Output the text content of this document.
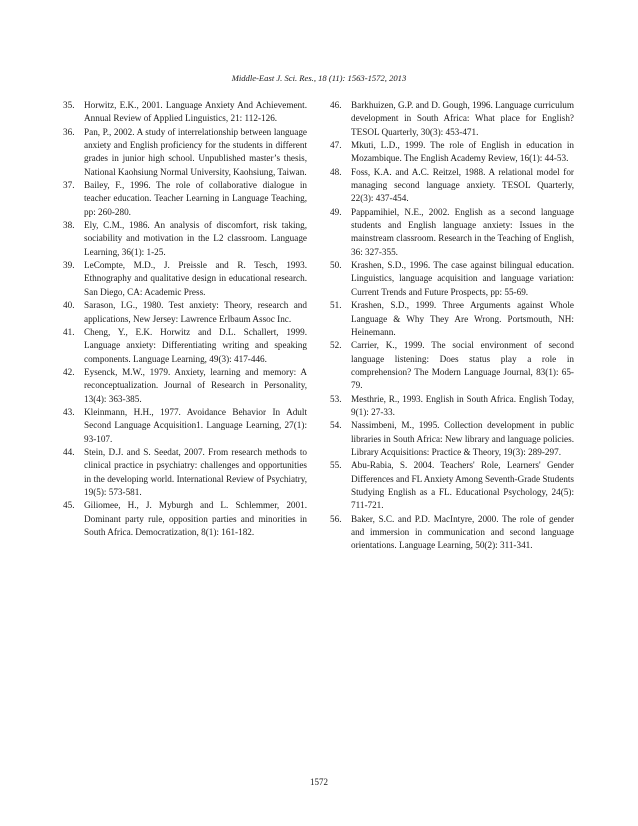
Middle-East J. Sci. Res., 18 (11): 1563-1572, 2013

35. Horwitz, E.K., 2001. Language Anxiety And Achievement. Annual Review of Applied Linguistics, 21: 112-126.

36. Pan, P., 2002. A study of interrelationship between language anxiety and English proficiency for the students in different grades in junior high school. Unpublished master’s thesis, National Kaohsiung Normal University, Kaohsiung, Taiwan.

37. Bailey, F., 1996. The role of collaborative dialogue in teacher education. Teacher Learning in Language Teaching, pp: 260-280.

38. Ely, C.M., 1986. An analysis of discomfort, risk taking, sociability and motivation in the L2 classroom. Language Learning, 36(1): 1-25.

39. LeCompte, M.D., J. Preissle and R. Tesch, 1993. Ethnography and qualitative design in educational research. San Diego, CA: Academic Press.

40. Sarason, I.G., 1980. Test anxiety: Theory, research and applications, New Jersey: Lawrence Erlbaum Assoc Inc.

41. Cheng, Y., E.K. Horwitz and D.L. Schallert, 1999. Language anxiety: Differentiating writing and speaking components. Language Learning, 49(3): 417-446.

42. Eysenck, M.W., 1979. Anxiety, learning and memory: A reconceptualization. Journal of Research in Personality, 13(4): 363-385.

43. Kleinmann, H.H., 1977. Avoidance Behavior In Adult Second Language Acquisition1. Language Learning, 27(1): 93-107.

44. Stein, D.J. and S. Seedat, 2007. From research methods to clinical practice in psychiatry: challenges and opportunities in the developing world. International Review of Psychiatry, 19(5): 573-581.

45. Giliomee, H., J. Myburgh and L. Schlemmer, 2001. Dominant party rule, opposition parties and minorities in South Africa. Democratization, 8(1): 161-182.

46. Barkhuizen, G.P. and D. Gough, 1996. Language curriculum development in South Africa: What place for English? TESOL Quarterly, 30(3): 453-471.

47. Mkuti, L.D., 1999. The role of English in education in Mozambique. The English Academy Review, 16(1): 44-53.

48. Foss, K.A. and A.C. Reitzel, 1988. A relational model for managing second language anxiety. TESOL Quarterly, 22(3): 437-454.

49. Pappamihiel, N.E., 2002. English as a second language students and English language anxiety: Issues in the mainstream classroom. Research in the Teaching of English, 36: 327-355.

50. Krashen, S.D., 1996. The case against bilingual education. Linguistics, language acquisition and language variation: Current Trends and Future Prospects, pp: 55-69.

51. Krashen, S.D., 1999. Three Arguments against Whole Language & Why They Are Wrong. Portsmouth, NH: Heinemann.

52. Carrier, K., 1999. The social environment of second language listening: Does status play a role in comprehension? The Modern Language Journal, 83(1): 65-79.

53. Mesthrie, R., 1993. English in South Africa. English Today, 9(1): 27-33.

54. Nassimbeni, M., 1995. Collection development in public libraries in South Africa: New library and language policies. Library Acquisitions: Practice & Theory, 19(3): 289-297.

55. Abu-Rabia, S. 2004. Teachers' Role, Learners' Gender Differences and FL Anxiety Among Seventh-Grade Students Studying English as a FL. Educational Psychology, 24(5): 711-721.

56. Baker, S.C. and P.D. MacIntyre, 2000. The role of gender and immersion in communication and second language orientations. Language Learning, 50(2): 311-341.

1572
